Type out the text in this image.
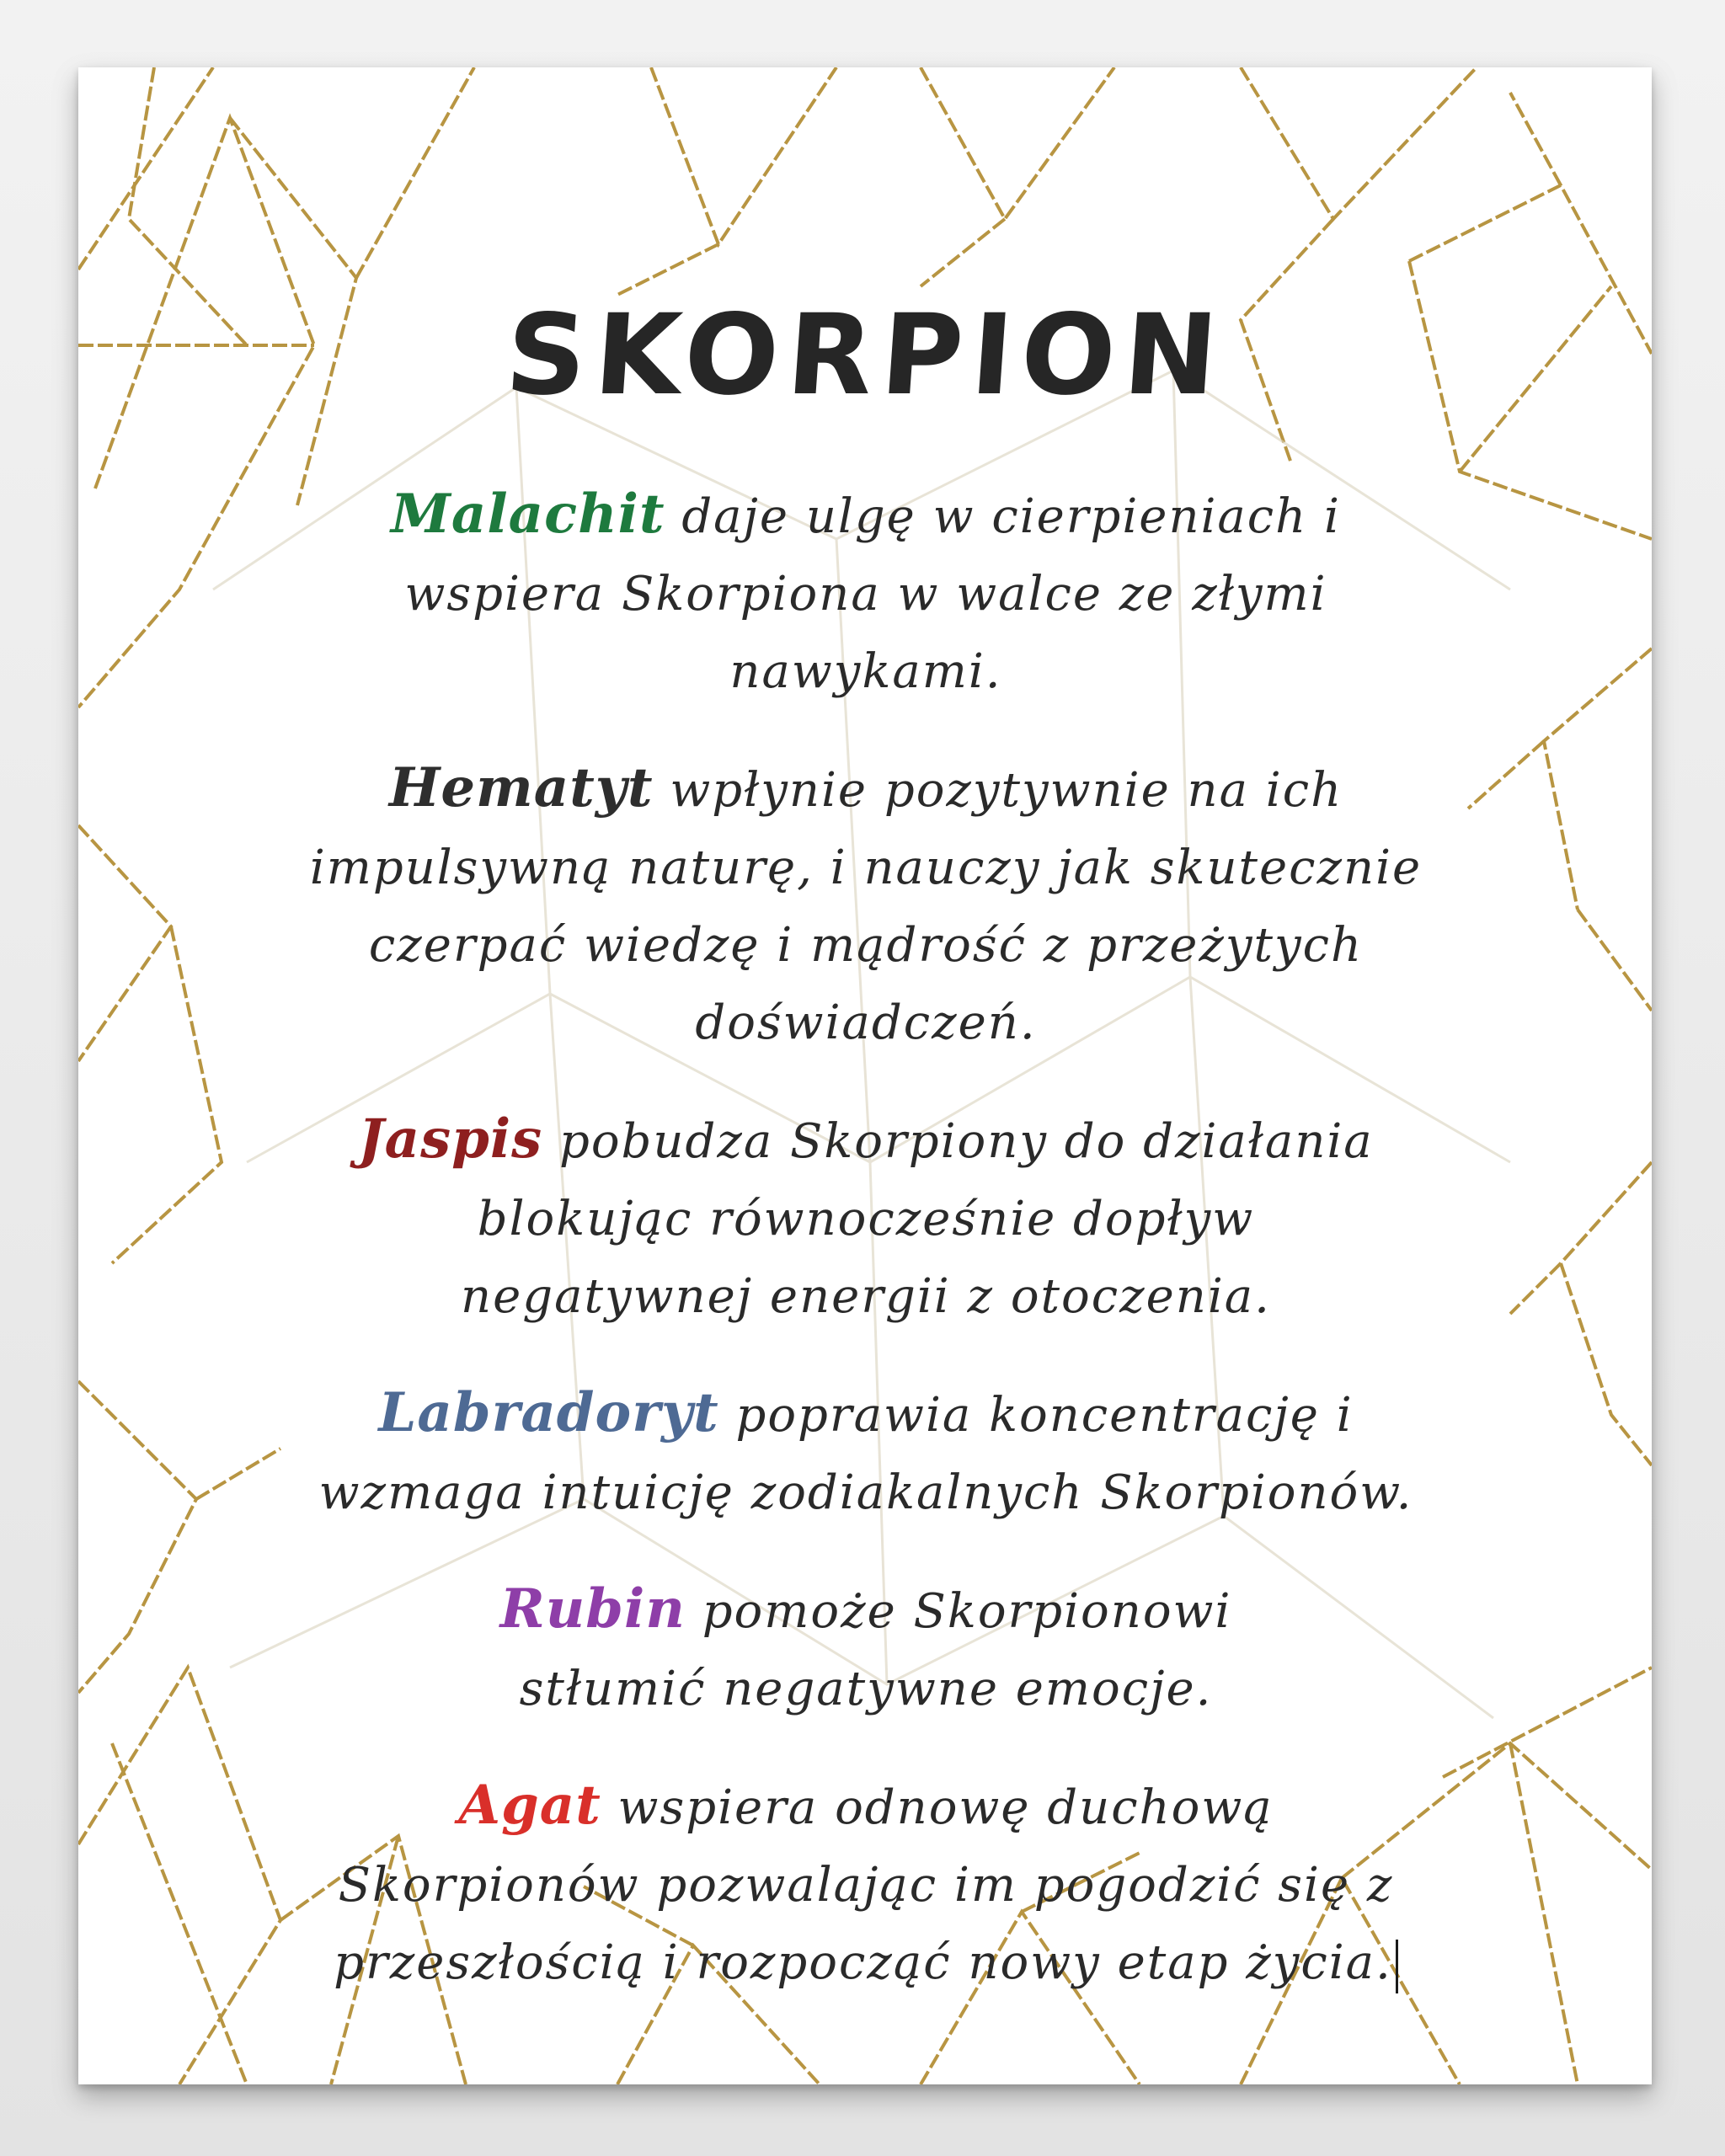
SKORPION

Malachit daje ulgę w cierpieniach i wspiera Skorpiona w walce ze złymi nawykami.

Hematyt wpłynie pozytywnie na ich impulsywną naturę, i nauczy jak skutecznie czerpać wiedzę i mądrość z przeżytych doświadczeń.

Jaspis pobudza Skorpiony do działania blokując równocześnie dopływ negatywnej energii z otoczenia.

Labradoryt poprawia koncentrację i wzmaga intuicję zodiakalnych Skorpionów.

Rubin pomoże Skorpionowi stłumić negatywne emocje.

Agat wspiera odnowę duchową Skorpionów pozwalając im pogodzić się z przeszłością i rozpocząć nowy etap życia.
